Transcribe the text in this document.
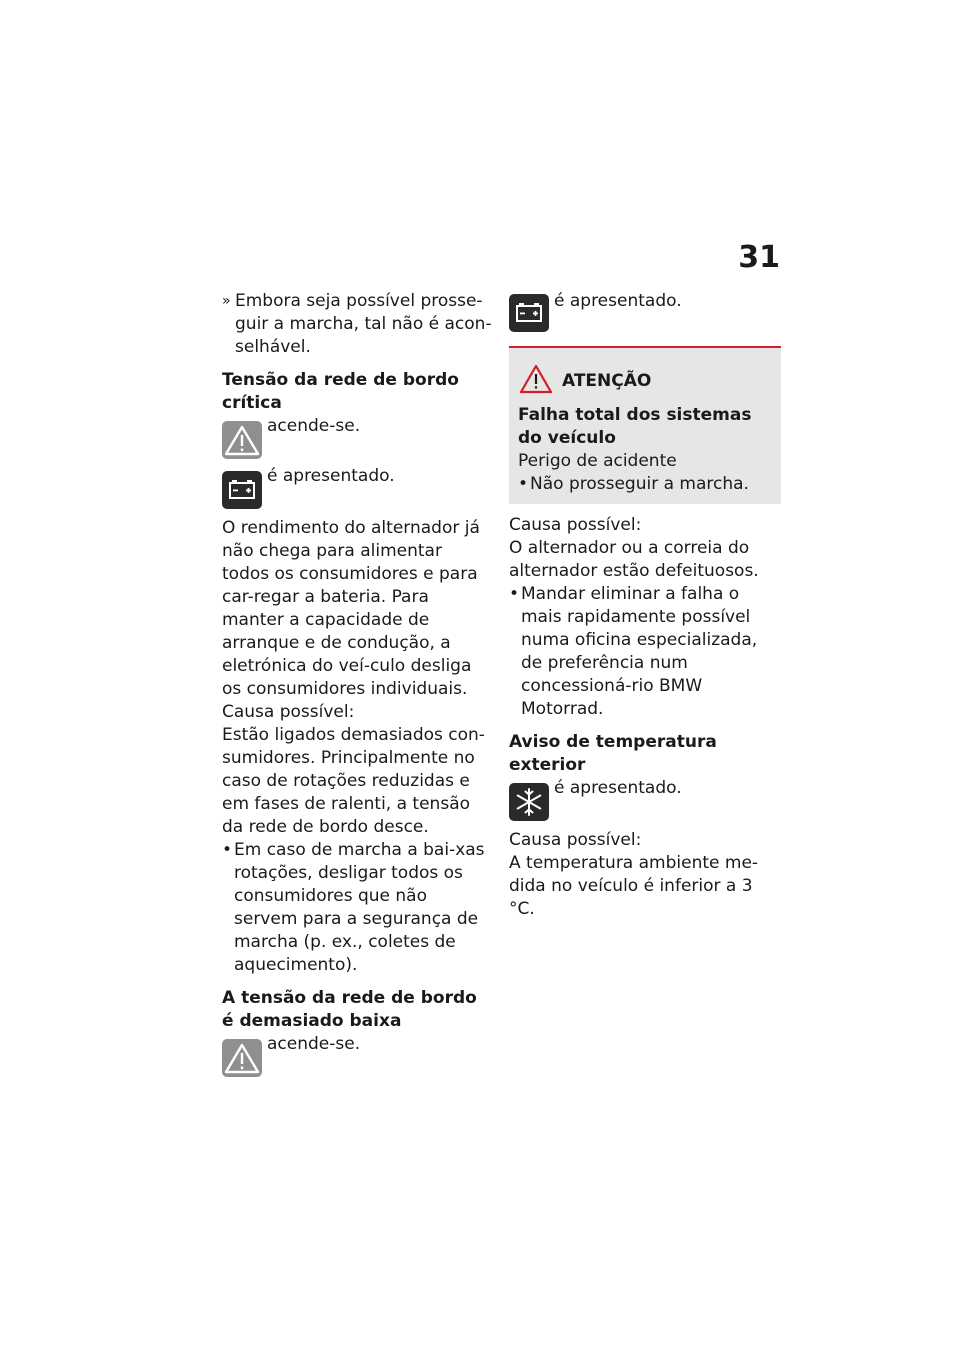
31
» Embora seja possível prosse-guir a marcha, tal não é acon-selhável.
Tensão da rede de bordo crítica
acende-se.
é apresentado.

O rendimento do alternador já não chega para alimentar todos os consumidores e para car-regar a bateria. Para manter a capacidade de arranque e de condução, a eletrónica do veí-culo desliga os consumidores individuais.

Causa possível:

Estão ligados demasiados con-sumidores. Principalmente no caso de rotações reduzidas e em fases de ralenti, a tensão da rede de bordo desce.

• Em caso de marcha a bai-xas rotações, desligar todos os consumidores que não servem para a segurança de marcha (p. ex., coletes de aquecimento).
A tensão da rede de bordo é demasiado baixa
acende-se.
é apresentado.
ATENÇÃO
Falha total dos sistemas do veículo

Perigo de acidente

• Não prosseguir a marcha.

Causa possível:

O alternador ou a correia do alternador estão defeituosos.

• Mandar eliminar a falha o mais rapidamente possível numa oficina especializada, de preferência num concessioná-rio BMW Motorrad.
Aviso de temperatura exterior
é apresentado.

Causa possível:

A temperatura ambiente me-dida no veículo é inferior a 3 °C.
